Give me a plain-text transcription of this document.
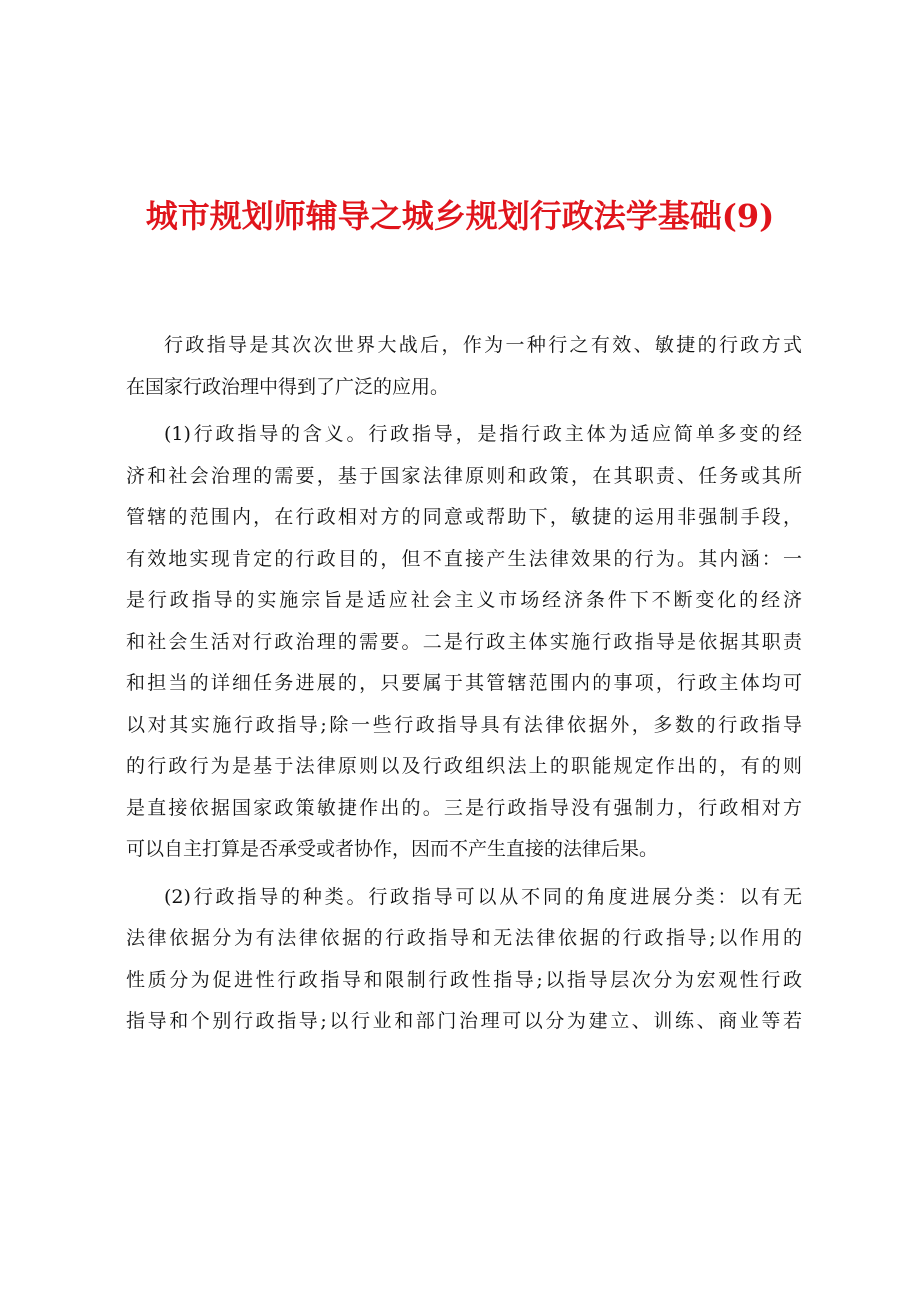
城市规划师辅导之城乡规划行政法学基础(9)
行政指导是其次次世界大战后，作为一种行之有效、敏捷的行政方式
在国家行政治理中得到了广泛的应用。
(1)行政指导的含义。行政指导，是指行政主体为适应简单多变的经
济和社会治理的需要，基于国家法律原则和政策，在其职责、任务或其所
管辖的范围内，在行政相对方的同意或帮助下，敏捷的运用非强制手段，
有效地实现肯定的行政目的，但不直接产生法律效果的行为。其内涵：一
是行政指导的实施宗旨是适应社会主义市场经济条件下不断变化的经济
和社会生活对行政治理的需要。二是行政主体实施行政指导是依据其职责
和担当的详细任务进展的，只要属于其管辖范围内的事项，行政主体均可
以对其实施行政指导;除一些行政指导具有法律依据外，多数的行政指导
的行政行为是基于法律原则以及行政组织法上的职能规定作出的，有的则
是直接依据国家政策敏捷作出的。三是行政指导没有强制力，行政相对方
可以自主打算是否承受或者协作，因而不产生直接的法律后果。
(2)行政指导的种类。行政指导可以从不同的角度进展分类：以有无
法律依据分为有法律依据的行政指导和无法律依据的行政指导;以作用的
性质分为促进性行政指导和限制行政性指导;以指导层次分为宏观性行政
指导和个别行政指导;以行业和部门治理可以分为建立、训练、商业等若
